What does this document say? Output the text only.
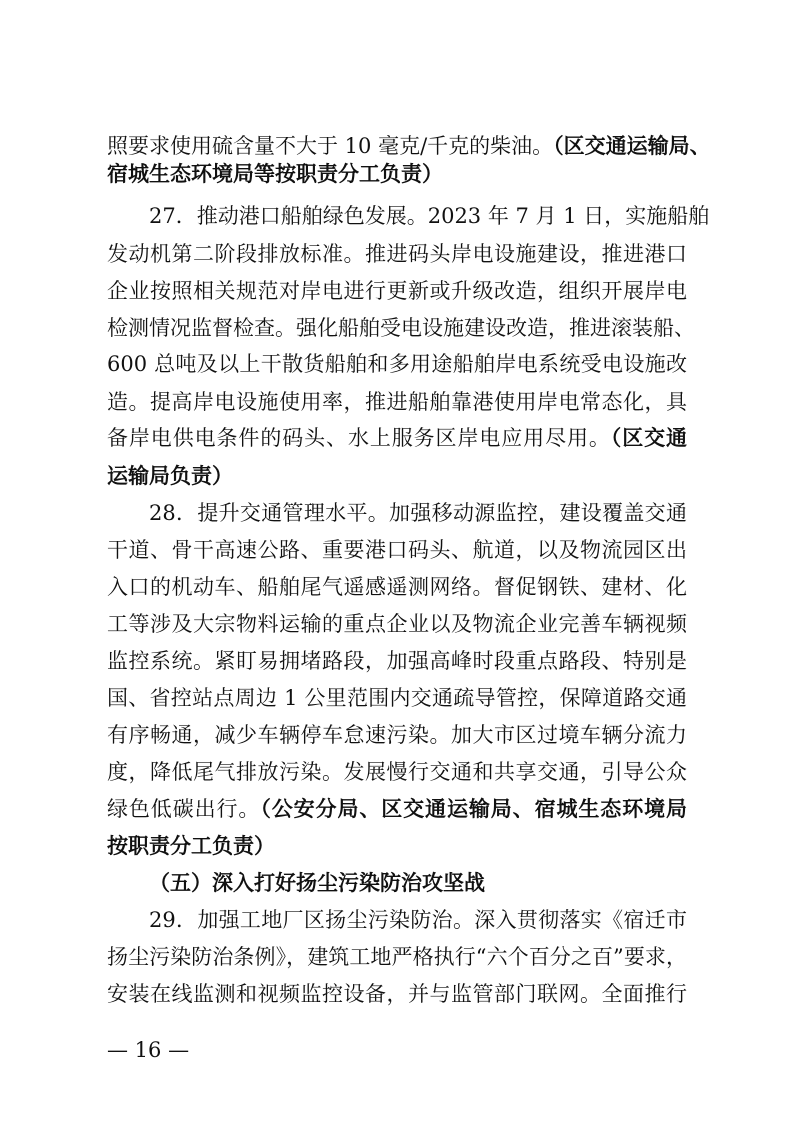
照要求使用硫含量不大于 10 毫克/千克的柴油。（区交通运输局、
宿城生态环境局等按职责分工负责）
27．推动港口船舶绿色发展。2023 年 7 月 1 日，实施船舶
发动机第二阶段排放标准。推进码头岸电设施建设，推进港口
企业按照相关规范对岸电进行更新或升级改造，组织开展岸电
检测情况监督检查。强化船舶受电设施建设改造，推进滚装船、
600 总吨及以上干散货船舶和多用途船舶岸电系统受电设施改
造。提高岸电设施使用率，推进船舶靠港使用岸电常态化，具
备岸电供电条件的码头、水上服务区岸电应用尽用。（区交通
运输局负责）
28．提升交通管理水平。加强移动源监控，建设覆盖交通
干道、骨干高速公路、重要港口码头、航道，以及物流园区出
入口的机动车、船舶尾气遥感遥测网络。督促钢铁、建材、化
工等涉及大宗物料运输的重点企业以及物流企业完善车辆视频
监控系统。紧盯易拥堵路段，加强高峰时段重点路段、特别是
国、省控站点周边 1 公里范围内交通疏导管控，保障道路交通
有序畅通，减少车辆停车怠速污染。加大市区过境车辆分流力
度，降低尾气排放污染。发展慢行交通和共享交通，引导公众
绿色低碳出行。（公安分局、区交通运输局、宿城生态环境局
按职责分工负责）
（五）深入打好扬尘污染防治攻坚战
29．加强工地厂区扬尘污染防治。深入贯彻落实《宿迁市
扬尘污染防治条例》，建筑工地严格执行“六个百分之百”要求，
安装在线监测和视频监控设备，并与监管部门联网。全面推行
— 16 —
